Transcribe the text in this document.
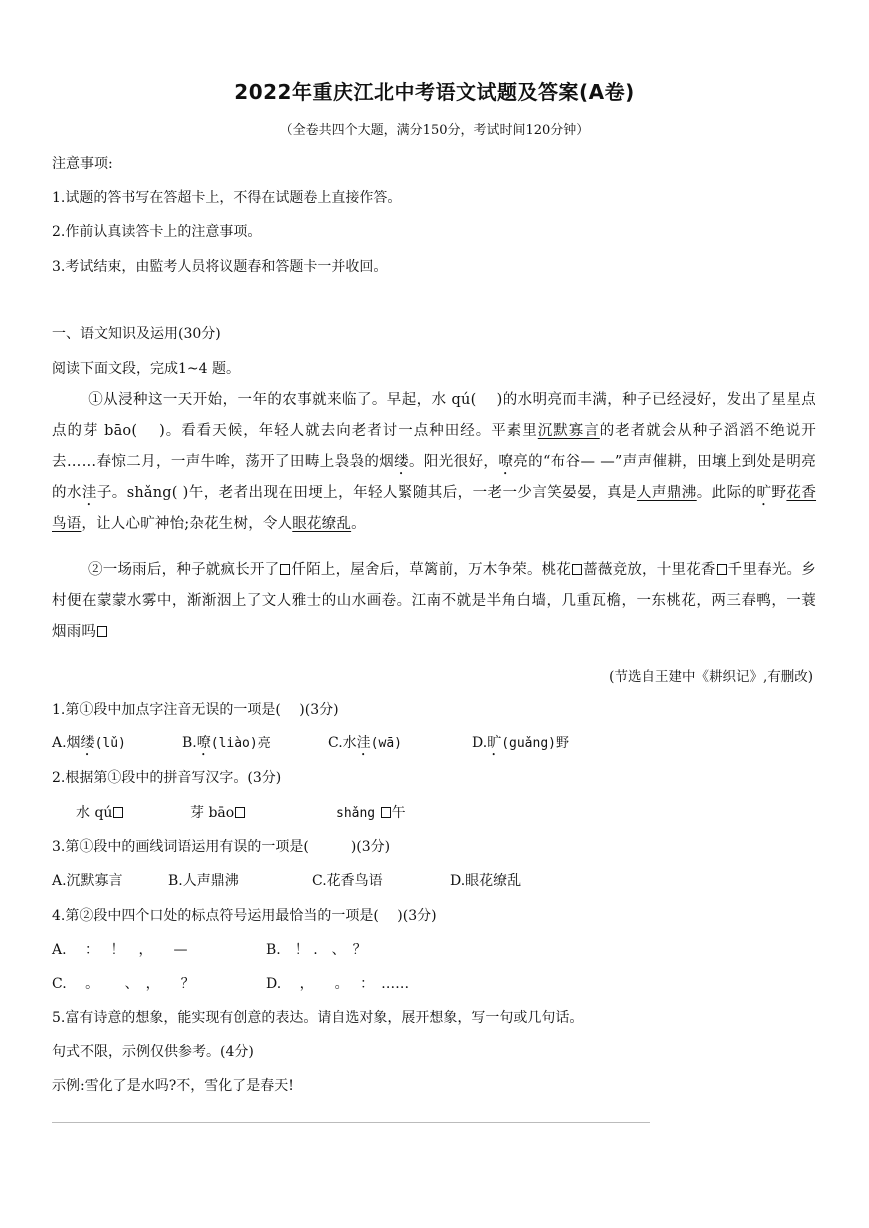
2022年重庆江北中考语文试题及答案(A卷)
（全卷共四个大题，满分150分，考试时间120分钟）
注意事项:
1.试题的答书写在答超卡上，不得在试题卷上直接作答。
2.作前认真读答卡上的注意事项。
3.考试结束，由監考人员将议题春和答题卡一并收回。
一、语文知识及运用(30分)
阅读下面文段，完成1~4 题。
①从浸种这一天开始，一年的农事就来临了。早起，水 qú(　 )的水明亮而丰满，种子已经浸好，发出了星星点点的芽 bāo(　 )。看看天候，年轻人就去向老者讨一点种田经。平素里沉默寡言的老者就会从种子滔滔不绝说开去……春惊二月，一声牛哞，荡开了田畴上袅袅的烟缕。阳光很好，嘹亮的“布谷— —”声声催耕，田壤上到处是明亮的水洼子。shǎng( )午，老者出现在田埂上，年轻人緊随其后，一老一少言笑晏晏，真是人声鼎沸。此际的旷野花香鸟语，让人心旷神怡;杂花生树，令人眼花缭乱。
②一场雨后，种子就疯长开了 仟陌上，屋舍后，草篱前，万木争荣。桃花 蔷薇竞放，十里花香 千里春光。乡村便在蒙蒙水雾中，渐渐洇上了文人雅士的山水画卷。江南不就是半角白墙，几重瓦檐，一东桃花，两三春鸭，一蓑烟雨吗
(节选自王建中《耕织记》,有删改)
1.第①段中加点字注音无误的一项是(　 )(3分)
A.烟缕(lǔ)	B.嘹(liào)亮	C.水洼(wā)	D.旷(guǎng)野
2.根据第①段中的拼音写汉字。(3分)
水 qú	芽 bāo	shǎng 午
3.第①段中的画线词语运用有误的一项是(　　　)(3分)
A.沉默寡言	B.人声鼎沸	C.花香鸟语	D.眼花缭乱
4.第②段中四个口处的标点符号运用最恰当的一项是(　 )(3分)
A.　 ：　 ！　，　　—	B.　！ .　、　？
C.　 。　　 、　，　　？	D.　 ，　　。　 ：　……
5.富有诗意的想象，能实现有创意的表达。请自选对象，展开想象，写一句或几句话。
句式不限，示例仅供参考。(4分)
示例:雪化了是水吗?不，雪化了是春天!
